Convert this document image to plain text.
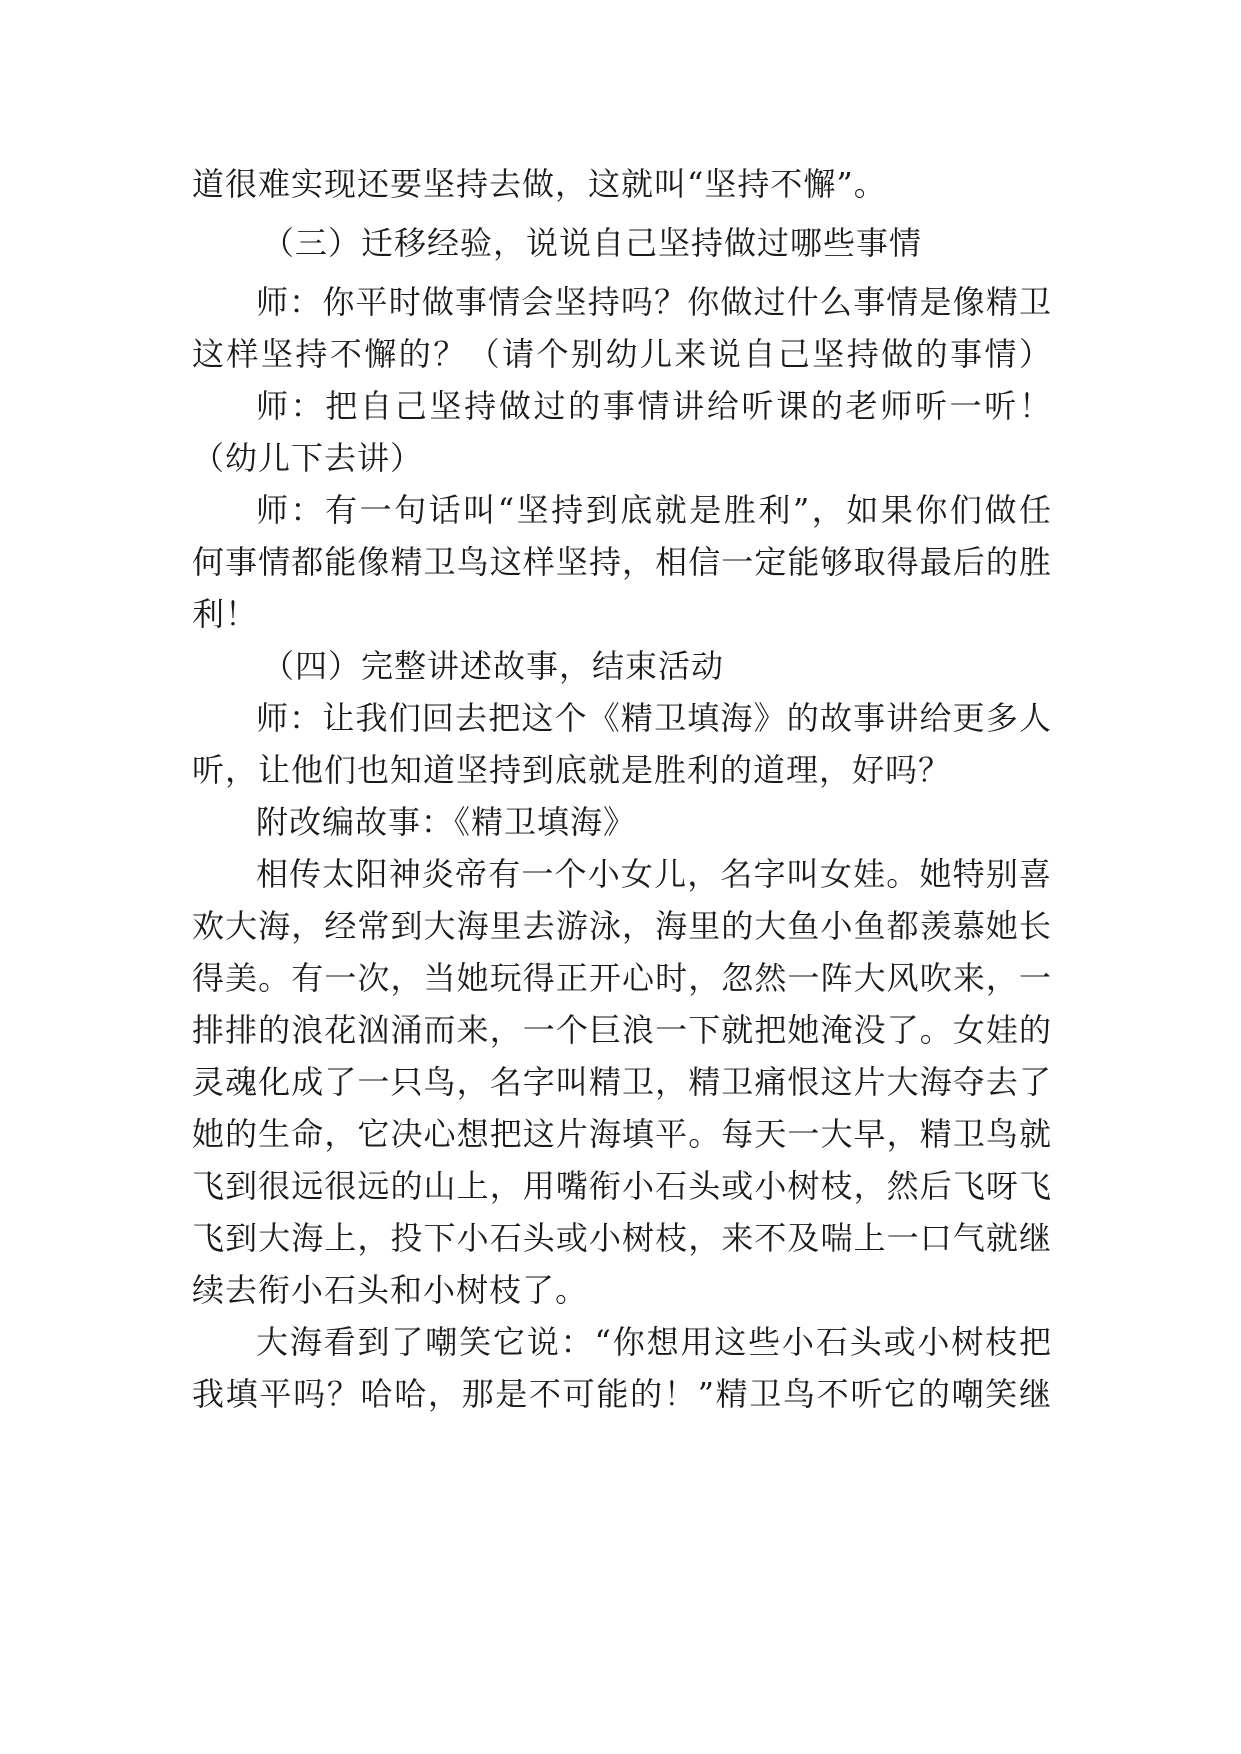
道很难实现还要坚持去做，这就叫“坚持不懈”。
（三）迁移经验，说说自己坚持做过哪些事情
师：你平时做事情会坚持吗？你做过什么事情是像精卫
这样坚持不懈的？（请个别幼儿来说自己坚持做的事情）
师：把自己坚持做过的事情讲给听课的老师听一听！
（幼儿下去讲）
师：有一句话叫“坚持到底就是胜利”，如果你们做任
何事情都能像精卫鸟这样坚持，相信一定能够取得最后的胜
利！
（四）完整讲述故事，结束活动
师：让我们回去把这个《精卫填海》的故事讲给更多人
听，让他们也知道坚持到底就是胜利的道理，好吗？
附改编故事：《精卫填海》
相传太阳神炎帝有一个小女儿，名字叫女娃。她特别喜
欢大海，经常到大海里去游泳，海里的大鱼小鱼都羡慕她长
得美。有一次，当她玩得正开心时，忽然一阵大风吹来，一
排排的浪花汹涌而来，一个巨浪一下就把她淹没了。女娃的
灵魂化成了一只鸟，名字叫精卫，精卫痛恨这片大海夺去了
她的生命，它决心想把这片海填平。每天一大早，精卫鸟就
飞到很远很远的山上，用嘴衔小石头或小树枝，然后飞呀飞
飞到大海上，投下小石头或小树枝，来不及喘上一口气就继
续去衔小石头和小树枝了。
大海看到了嘲笑它说：“你想用这些小石头或小树枝把
我填平吗？哈哈，那是不可能的！”精卫鸟不听它的嘲笑继
